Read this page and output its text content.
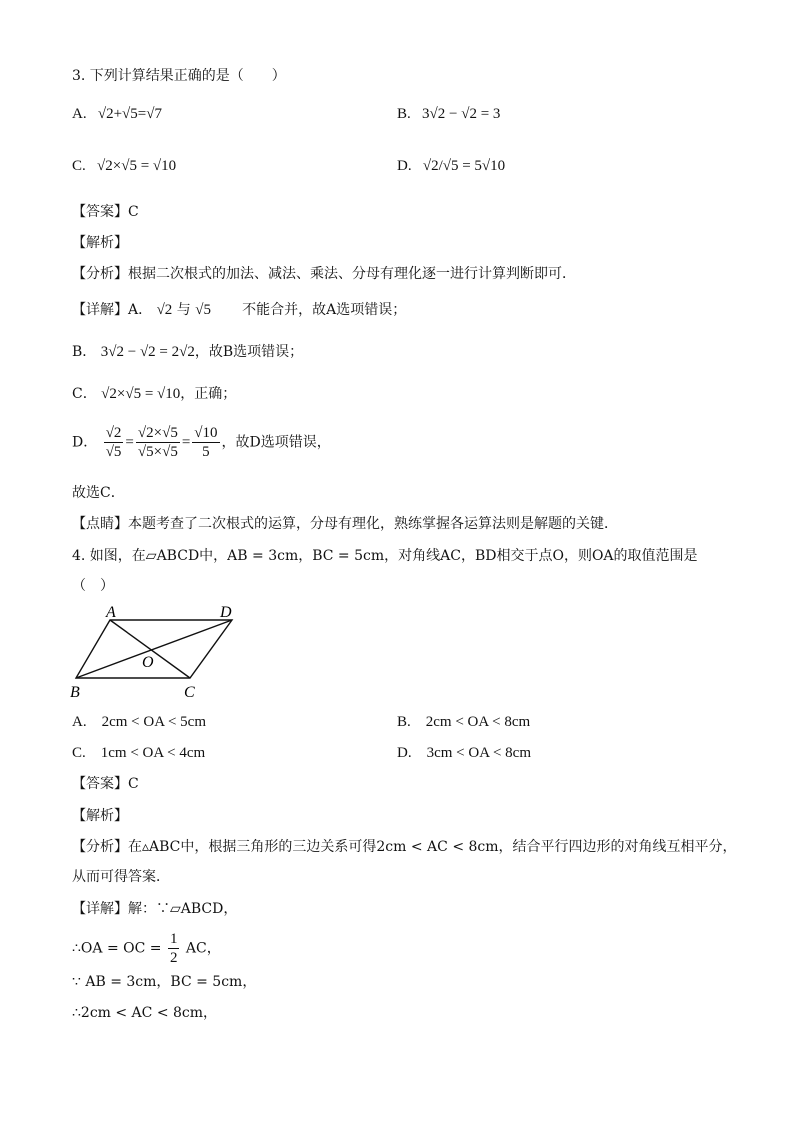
3. 下列计算结果正确的是（　　）
A. √2+√5=√7	B. 3√2 − √2 = 3
C. √2×√5 = √10	D. √2/√5 = 5√10
【答案】C
【解析】
【分析】根据二次根式的加法、减法、乘法、分母有理化逐一进行计算判断即可．
【详解】A． √2 与 √5 不能合并，故A选项错误；
B． 3√2 − √2 = 2√2，故B选项错误；
C． √2×√5 = √10，正确；
D． $\frac{√2}{√5} = \frac{√2\times√5}{√5\times√5} = \frac{√10}{5}$ ，故D选项错误，
故选C．
【点睛】本题考查了二次根式的运算，分母有理化，熟练掌握各运算法则是解题的关键．
4. 如图，在▱ABCD中，AB = 3cm，BC = 5cm，对角线AC，BD相交于点O，则OA的取值范围是
（　）
A	D
B	C
O
A.　2cm < OA < 5cm	B.　2cm < OA < 8cm
C.　1cm < OA < 4cm	D.　3cm < OA < 8cm
【答案】C
【解析】
【分析】在▵ABC中，根据三角形的三边关系可得2cm < AC < 8cm，结合平行四边形的对角线互相平分，
从而可得答案．
【详解】解：∵▱ABCD，
∴OA = OC = $\frac{1}{2}$ AC，
∵ AB = 3cm，BC = 5cm，
∴2cm < AC < 8cm，
